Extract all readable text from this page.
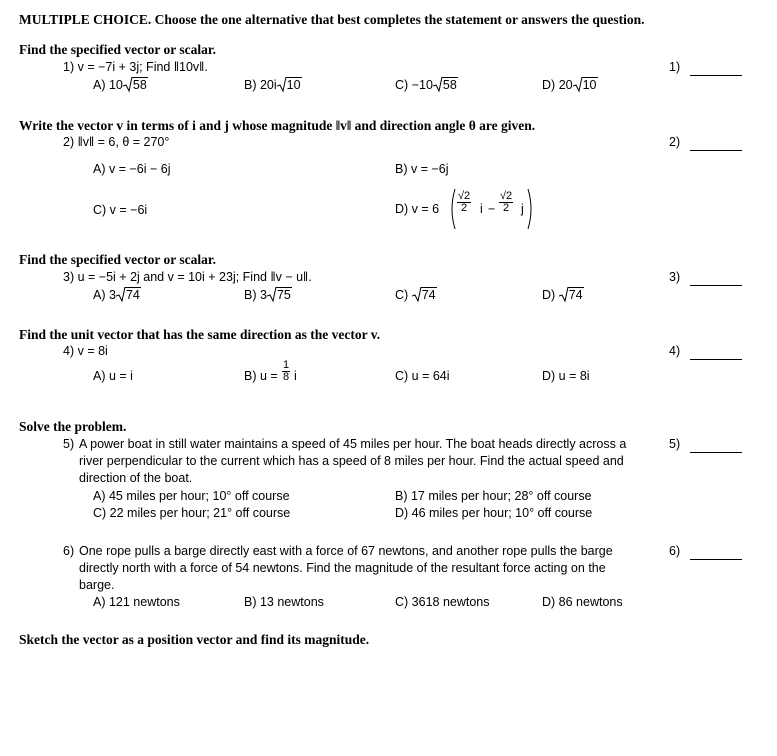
MULTIPLE CHOICE. Choose the one alternative that best completes the statement or answers the question.
Find the specified vector or scalar.
1) v = −7i + 3j; Find ‖10v‖.	1)
A) 10 58	B) 20i 10	C) −10 58	D) 20 10
Write the vector v in terms of i and j whose magnitude ‖v‖ and direction angle θ are given.
2) ‖v‖ = 6, θ = 270°	2)
A) v = −6i − 6j	B) v = −6j
C) v = −6i	D) $v = 6 \frac{√2}{2}$ $i - \frac{√2}{2}$ j
Find the specified vector or scalar.
3) u = −5i + 2j and v = 10i + 23j; Find ‖v − u‖.	3)
A) 3 74	B) 3 75	C) 74	D) 74
Find the unit vector that has the same direction as the vector v.
4) v = 8i	4)
A) u = i	B) $u = \frac{1}{8}$ i	C) u = 64i	D) u = 8i
Solve the problem.
5) A power boat in still water maintains a speed of 45 miles per hour. The boat heads directly across a
river perpendicular to the current which has a speed of 8 miles per hour. Find the actual speed and
direction of the boat.
5)
A) 45 miles per hour; 10° off course	B) 17 miles per hour; 28° off course
C) 22 miles per hour; 21° off course	D) 46 miles per hour; 10° off course
6) One rope pulls a barge directly east with a force of 67 newtons, and another rope pulls the barge
directly north with a force of 54 newtons. Find the magnitude of the resultant force acting on the
barge.
6)
A) 121 newtons	B) 13 newtons	C) 3618 newtons	D) 86 newtons
Sketch the vector as a position vector and find its magnitude.
